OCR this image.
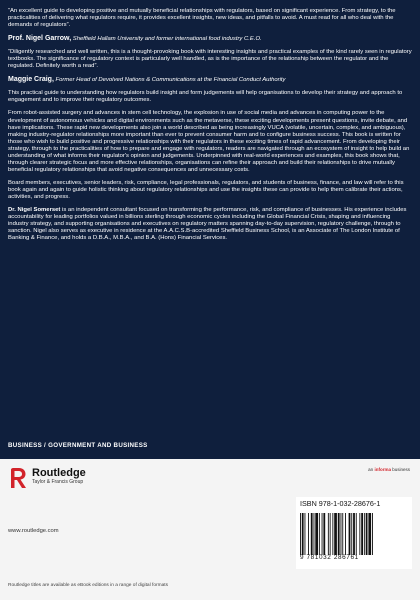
“An excellent guide to developing positive and mutually beneficial relationships with regulators, based on significant experience. From strategy, to the practicalities of delivering what regulators require, it provides excellent insights, new ideas, and pitfalls to avoid. A must read for all who deal with the demands of regulators”.

Prof. Nigel Garrow, Sheffield Hallam University and former international food industry C.E.O.

“Diligently researched and well written, this is a thought-provoking book with interesting insights and practical examples of the kind rarely seen in regulatory textbooks. The significance of regulatory context is particularly well handled, as is the importance of the relationship between the regulator and the regulated. Definitely worth a read”.

Maggie Craig, Former Head of Devolved Nations & Communications at the Financial Conduct Authority

This practical guide to understanding how regulators build insight and form judgements will help organisations to develop their strategy and approach to engagement and to improve their regulatory outcomes.

From robot-assisted surgery and advances in stem cell technology, the explosion in use of social media and advances in computing power to the development of autonomous vehicles and digital environments such as the metaverse, these exciting developments present questions, invite debate, and have implications. These rapid new developments also join a world described as being increasingly VUCA (volatile, uncertain, complex, and ambiguous), making industry-regulator relationships more important than ever to prevent consumer harm and to configure business success. This book is written for those who wish to build positive and progressive relationships with their regulators in these exciting times of rapid advancement. From developing their strategy, through to the practicalities of how to prepare and engage with regulators, readers are navigated through an ecosystem of insight to help build an understanding of what informs their regulator's opinion and judgements. Underpinned with real-world experiences and examples, this book shows that, through clearer strategic focus and more effective relationships, organisations can refine their approach and build their relationships to drive mutually beneficial regulatory relationships that avoid negative consequences and unnecessary costs.

Board members, executives, senior leaders, risk, compliance, legal professionals, regulators, and students of business, finance, and law will refer to this book again and again to guide holistic thinking about regulatory relationships and use the insights these can provide to help them calibrate their actions, activities, and progress.

Dr. Nigel Somerset is an independent consultant focused on transforming the performance, risk, and compliance of businesses. His experience includes accountability for leading portfolios valued in billions sterling through economic cycles including the Global Financial Crisis, shaping and influencing industry strategy, and supporting organisations and executives on regulatory matters spanning day-to-day supervision, regulatory challenge, through to sanction. Nigel also serves as executive in residence at the A.A.C.S.B-accredited Sheffield Business School, is an Associate of The London Institute of Banking & Finance, and holds a D.B.A., M.B.A., and B.A. (Hons) Financial Services.

BUSINESS / GOVERNMENT AND BUSINESS
Routledge
Taylor & Francis Group
www.routledge.com
Routledge titles are available as eBook editions in a range of digital formats
an informa business
ISBN 978-1-032-28676-1
9 781032 286761
